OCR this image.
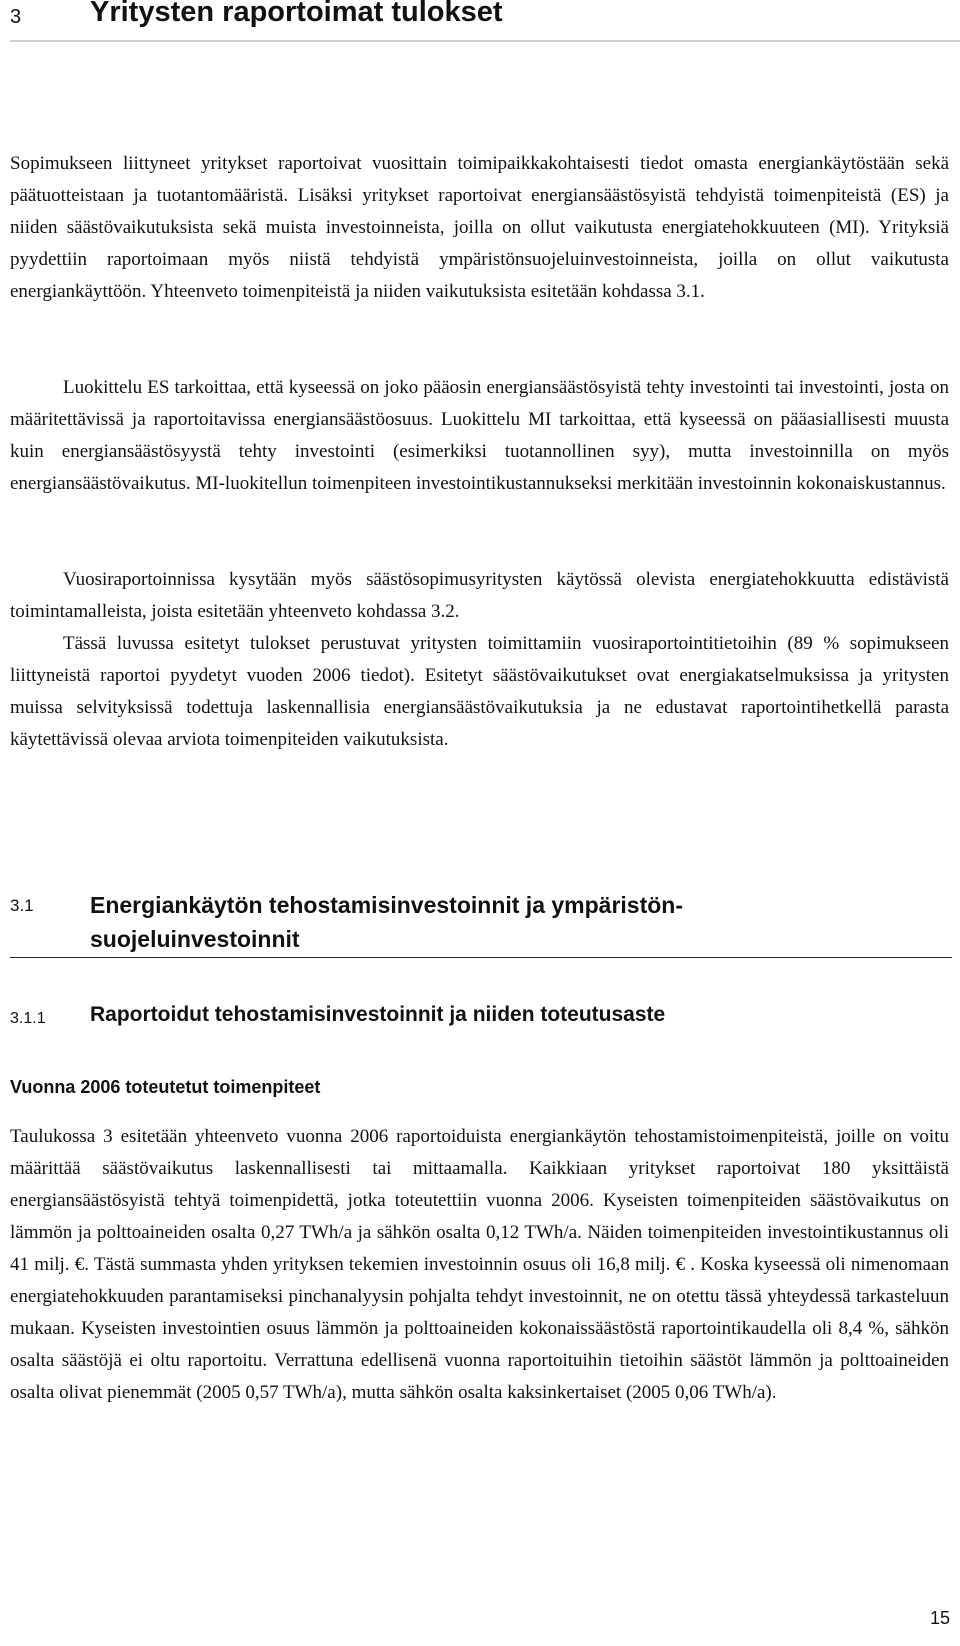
3 Yritysten raportoimat tulokset

Sopimukseen liittyneet yritykset raportoivat vuosittain toimipaikkakohtaisesti tiedot omasta energiankäytöstään sekä päätuotteistaan ja tuotantomääristä. Lisäksi yritykset raportoivat energiansäästösyistä tehdyistä toimenpiteistä (ES) ja niiden säästövaikutuksista sekä muista investoinneista, joilla on ollut vaikutusta energiatehokkuuteen (MI). Yrityksiä pyydettiin raportoimaan myös niistä tehdyistä ympäristönsuojeluinvestoinneista, joilla on ollut vaikutusta energiankäyttöön. Yhteenveto toimenpiteistä ja niiden vaikutuksista esitetään kohdassa 3.1.

Luokittelu ES tarkoittaa, että kyseessä on joko pääosin energiansäästösyistä tehty investointi tai investointi, josta on määritettävissä ja raportoitavissa energiansäästöosuus. Luokittelu MI tarkoittaa, että kyseessä on pääasiallisesti muusta kuin energiansäästösyystä tehty investointi (esimerkiksi tuotannollinen syy), mutta investoinnilla on myös energiansäästövaikutus. MI-luokitellun toimenpiteen investointikustannukseksi merkitään investoinnin kokonaiskustannus.

Vuosiraportoinnissa kysytään myös säästösopimusyritysten käytössä olevista energiatehokkuutta edistävistä toimintamalleista, joista esitetään yhteenveto kohdassa 3.2.

Tässä luvussa esitetyt tulokset perustuvat yritysten toimittamiin vuosiraportointitietoihin (89 % sopimukseen liittyneistä raportoi pyydetyt vuoden 2006 tiedot). Esitetyt säästövaikutukset ovat energiakatselmuksissa ja yritysten muissa selvityksissä todettuja laskennallisia energiansäästövaikutuksia ja ne edustavat raportointihetkellä parasta käytettävissä olevaa arviota toimenpiteiden vaikutuksista.

3.1 Energiankäytön tehostamisinvestoinnit ja ympäristönsuojeluinvestoinnit
3.1.1 Raportoidut tehostamisinvestoinnit ja niiden toteutusaste
Vuonna 2006 toteutetut toimenpiteet

Taulukossa 3 esitetään yhteenveto vuonna 2006 raportoiduista energiankäytön tehostamistoimenpiteistä, joille on voitu määrittää säästövaikutus laskennallisesti tai mittaamalla. Kaikkiaan yritykset raportoivat 180 yksittäistä energiansäästösyistä tehtyä toimenpidettä, jotka toteutettiin vuonna 2006. Kyseisten toimenpiteiden säästövaikutus on lämmön ja polttoaineiden osalta 0,27 TWh/a ja sähkön osalta 0,12 TWh/a. Näiden toimenpiteiden investointikustannus oli 41 milj. €. Tästä summasta yhden yrityksen tekemien investoinnin osuus oli 16,8 milj. € . Koska kyseessä oli nimenomaan energiatehokkuuden parantamiseksi pinchanalyysin pohjalta tehdyt investoinnit, ne on otettu tässä yhteydessä tarkasteluun mukaan. Kyseisten investointien osuus lämmön ja polttoaineiden kokonaissäästöstä raportointikaudella oli 8,4 %, sähkön osalta säästöjä ei oltu raportoitu. Verrattuna edellisenä vuonna raportoituihin tietoihin säästöt lämmön ja polttoaineiden osalta olivat pienemmät (2005 0,57 TWh/a), mutta sähkön osalta kaksinkertaiset (2005 0,06 TWh/a).

15
